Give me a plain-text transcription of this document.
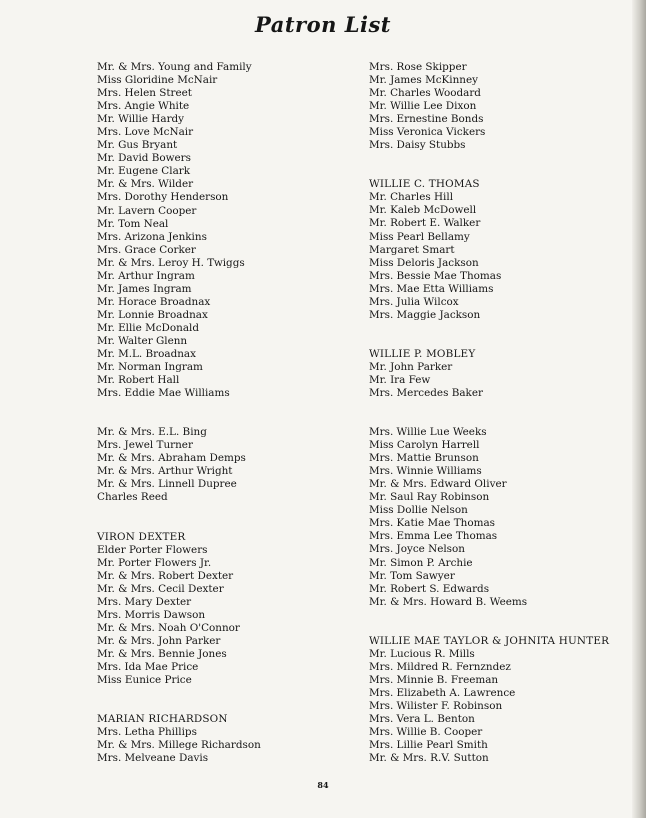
Patron List
Mr. & Mrs. Young and Family
Miss Gloridine McNair
Mrs. Helen Street
Mrs. Angie White
Mr. Willie Hardy
Mrs. Love McNair
Mr. Gus Bryant
Mr. David Bowers
Mr. Eugene Clark
Mr. & Mrs. Wilder
Mrs. Dorothy Henderson
Mr. Lavern Cooper
Mr. Tom Neal
Mrs. Arizona Jenkins
Mrs. Grace Corker
Mr. & Mrs. Leroy H. Twiggs
Mr. Arthur Ingram
Mr. James Ingram
Mr. Horace Broadnax
Mr. Lonnie Broadnax
Mr. Ellie McDonald
Mr. Walter Glenn
Mr. M.L. Broadnax
Mr. Norman Ingram
Mr. Robert Hall
Mrs. Eddie Mae Williams
Mr. & Mrs. E.L. Bing
Mrs. Jewel Turner
Mr. & Mrs. Abraham Demps
Mr. & Mrs. Arthur Wright
Mr. & Mrs. Linnell Dupree
Charles Reed
VIRON DEXTER
Elder Porter Flowers
Mr. Porter Flowers Jr.
Mr. & Mrs. Robert Dexter
Mr. & Mrs. Cecil Dexter
Mrs. Mary Dexter
Mrs. Morris Dawson
Mr. & Mrs. Noah O'Connor
Mr. & Mrs. John Parker
Mr. & Mrs. Bennie Jones
Mrs. Ida Mae Price
Miss Eunice Price
MARIAN RICHARDSON
Mrs. Letha Phillips
Mr. & Mrs. Millege Richardson
Mrs. Melveane Davis
Mrs. Rose Skipper
Mr. James McKinney
Mr. Charles Woodard
Mr. Willie Lee Dixon
Mrs. Ernestine Bonds
Miss Veronica Vickers
Mrs. Daisy Stubbs
WILLIE C. THOMAS
Mr. Charles Hill
Mr. Kaleb McDowell
Mr. Robert E. Walker
Miss Pearl Bellamy
Margaret Smart
Miss Deloris Jackson
Mrs. Bessie Mae Thomas
Mrs. Mae Etta Williams
Mrs. Julia Wilcox
Mrs. Maggie Jackson
WILLIE P. MOBLEY
Mr. John Parker
Mr. Ira Few
Mrs. Mercedes Baker
Mrs. Willie Lue Weeks
Miss Carolyn Harrell
Mrs. Mattie Brunson
Mrs. Winnie Williams
Mr. & Mrs. Edward Oliver
Mr. Saul Ray Robinson
Miss Dollie Nelson
Mrs. Katie Mae Thomas
Mrs. Emma Lee Thomas
Mrs. Joyce Nelson
Mr. Simon P. Archie
Mr. Tom Sawyer
Mr. Robert S. Edwards
Mr. & Mrs. Howard B. Weems
WILLIE MAE TAYLOR & JOHNITA HUNTER
Mr. Lucious R. Mills
Mrs. Mildred R. Fernzndez
Mrs. Minnie B. Freeman
Mrs. Elizabeth A. Lawrence
Mrs. Wilister F. Robinson
Mrs. Vera L. Benton
Mrs. Willie B. Cooper
Mrs. Lillie Pearl Smith
Mr. & Mrs. R.V. Sutton
84
